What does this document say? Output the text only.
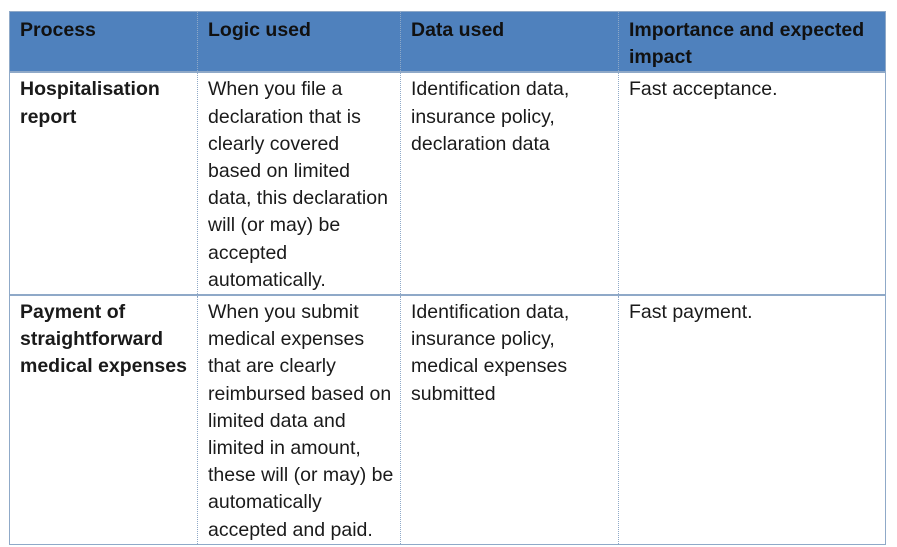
Process	Logic used	Data used	Importance and expected impact
Hospitalisation report	When you file a declaration that is clearly covered based on limited data, this declaration will (or may) be accepted automatically.	Identification data, insurance policy, declaration data	Fast acceptance.
Payment of straightforward medical expenses	When you submit medical expenses that are clearly reimbursed based on limited data and limited in amount, these will (or may) be automatically accepted and paid.	Identification data, insurance policy, medical expenses submitted	Fast payment.
